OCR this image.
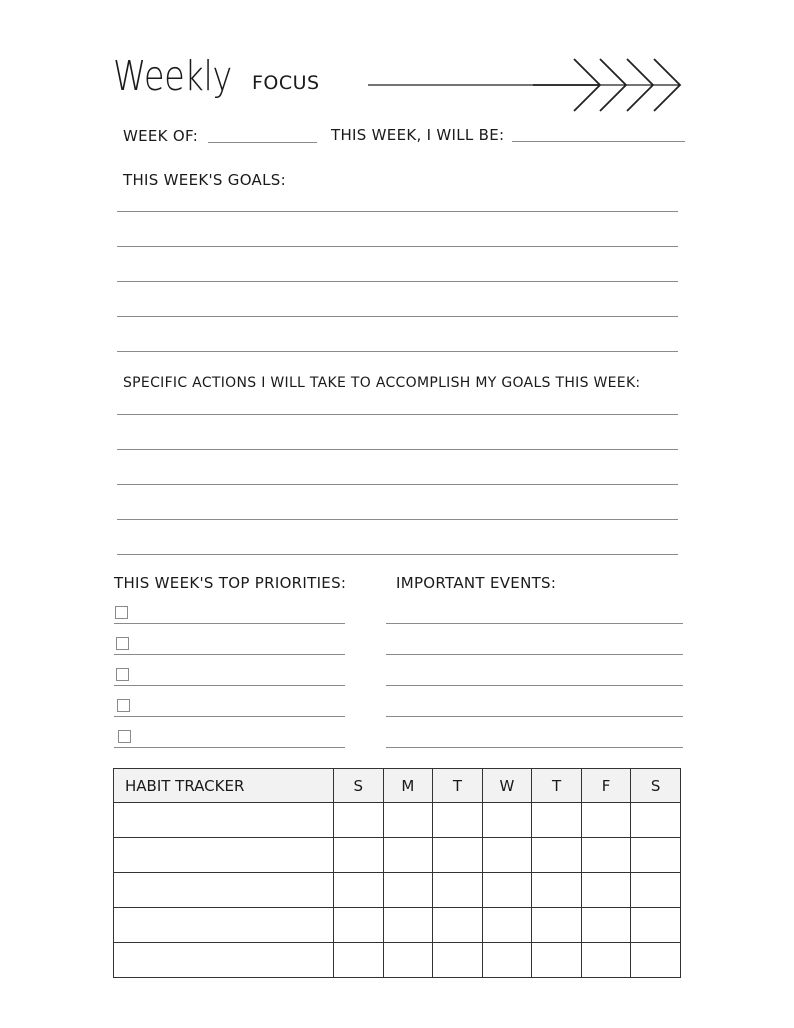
Weekly FOCUS
WEEK OF:	THIS WEEK, I WILL BE:
THIS WEEK'S GOALS:
SPECIFIC ACTIONS I WILL TAKE TO ACCOMPLISH MY GOALS THIS WEEK:
THIS WEEK'S TOP PRIORITIES:	IMPORTANT EVENTS:
HABIT TRACKER	S	M	T	W	T	F	S
